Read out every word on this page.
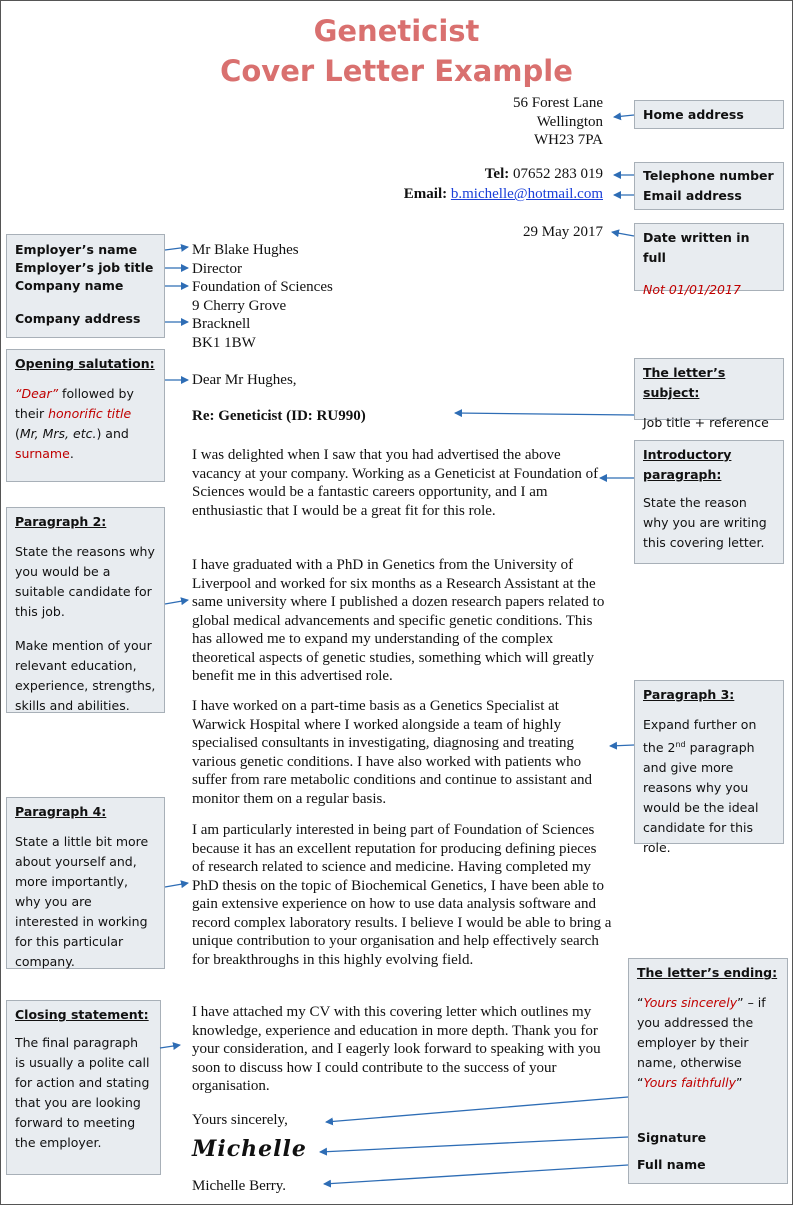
Geneticist
Cover Letter Example
56 Forest Lane
Wellington
WH23 7PA
Tel: 07652 283 019
Email: b.michelle@hotmail.com
29 May 2017
Mr Blake Hughes
Director
Foundation of Sciences
9 Cherry Grove
Bracknell
BK1 1BW
Dear Mr Hughes,
Re: Geneticist (ID: RU990)
I was delighted when I saw that you had advertised the above vacancy at your company. Working as a Geneticist at Foundation of Sciences would be a fantastic careers opportunity, and I am enthusiastic that I would be a great fit for this role.
I have graduated with a PhD in Genetics from the University of Liverpool and worked for six months as a Research Assistant at the same university where I published a dozen research papers related to global medical advancements and specific genetic conditions. This has allowed me to expand my understanding of the complex theoretical aspects of genetic studies, something which will greatly benefit me in this advertised role.
I have worked on a part-time basis as a Genetics Specialist at Warwick Hospital where I worked alongside a team of highly specialised consultants in investigating, diagnosing and treating various genetic conditions. I have also worked with patients who suffer from rare metabolic conditions and continue to assistant and monitor them on a regular basis.
I am particularly interested in being part of Foundation of Sciences because it has an excellent reputation for producing defining pieces of research related to science and medicine. Having completed my PhD thesis on the topic of Biochemical Genetics, I have been able to gain extensive experience on how to use data analysis software and record complex laboratory results. I believe I would be able to bring a unique contribution to your organisation and help effectively search for breakthroughs in this highly evolving field.
I have attached my CV with this covering letter which outlines my knowledge, experience and education in more depth. Thank you for your consideration, and I eagerly look forward to speaking with you soon to discuss how I could contribute to the success of your organisation.
Yours sincerely,
Michelle
Michelle Berry.
Home address
Telephone number
Email address
Date written in full
Not 01/01/2017
The letter’s subject:
Job title + reference
Introductory paragraph:
State the reason why you are writing this covering letter.
Paragraph 3:
Expand further on the 2nd paragraph and give more reasons why you would be the ideal candidate for this role.
The letter’s ending:
“Yours sincerely” – if you addressed the employer by their name, otherwise “Yours faithfully”
Signature
Full name
Employer’s name
Employer’s job title
Company name
Company address
Opening salutation:
“Dear” followed by their honorific title (Mr, Mrs, etc.) and surname.
Paragraph 2:
State the reasons why you would be a suitable candidate for this job.
Make mention of your relevant education, experience, strengths, skills and abilities.
Paragraph 4:
State a little bit more about yourself and, more importantly, why you are interested in working for this particular company.
Closing statement:
The final paragraph is usually a polite call for action and stating that you are looking forward to meeting the employer.
